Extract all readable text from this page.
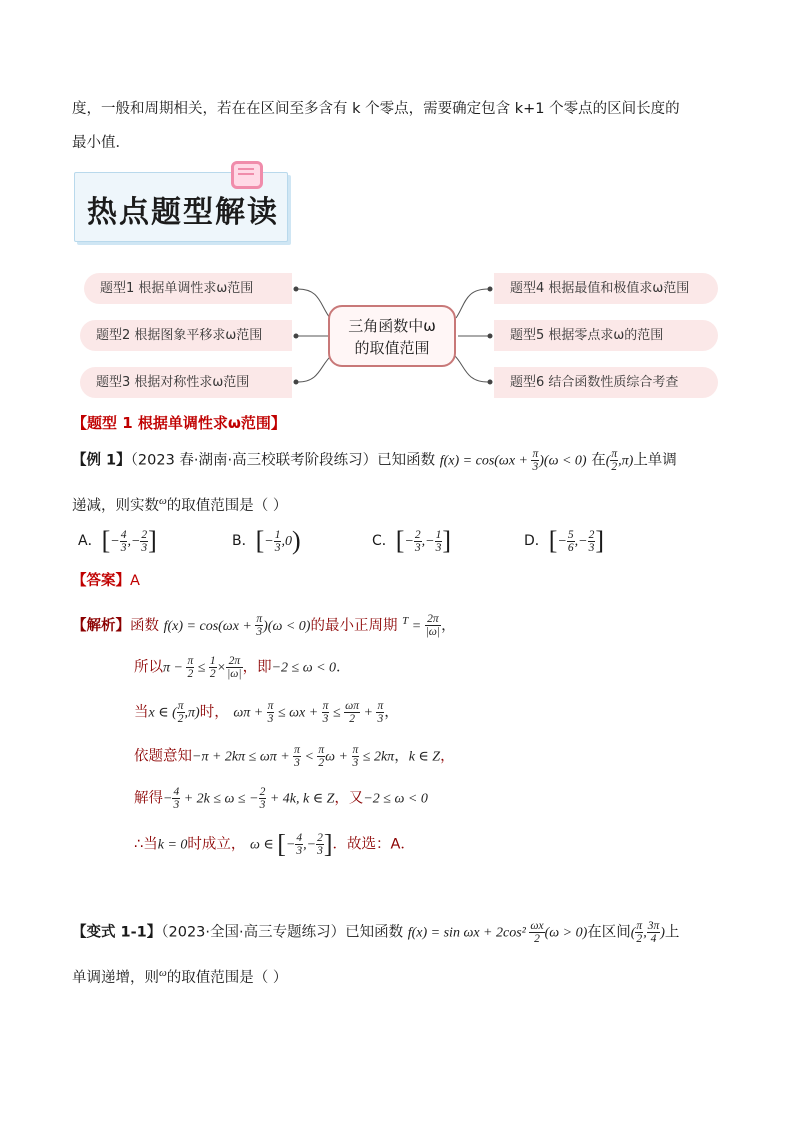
度，一般和周期相关，若在在区间至多含有 k 个零点，需要确定包含 k+1 个零点的区间长度的
最小值．
热点题型解读
题型1 根据单调性求ω范围
题型2 根据图象平移求ω范围
题型3 根据对称性求ω范围
题型4 根据最值和极值求ω范围
题型5 根据零点求ω的范围
题型6 结合函数性质综合考查
三角函数中ω
的取值范围
【题型 1 根据单调性求ω范围】
【例 1】（2023 春·湖南·高三校联考阶段练习）已知函数 $f(x) = \cos(\omega x + \frac{\pi}{3} )(\omega < 0)$ 在( $\frac{\pi}{2} ,\pi$)上单调
递减，则实数$^\omega$的取值范围是（ ）
A．[− $\frac{4}{3}$ ,− $\frac{2}{3}$ ]	B．[− $\frac{1}{3} ,0$)	C．[− $\frac{2}{3}$ ,− $\frac{1}{3}$ ]	D．[− $\frac{5}{6}$ ,− $\frac{2}{3}$ ]
【答案】A
【解析】函数 $f(x) = \cos(\omega x + \frac{\pi}{3} )(\omega < 0)$的最小正周期 $^T = \frac{2\pi}{|\omega|}$ ，
所以$\pi - \frac{\pi}{2} \le \frac{1}{2} \times \frac{2\pi}{|\omega|}$ ，即−2 ≤ ω < 0．
当x ∈ ( $\frac{\pi}{2} ,\pi$)时， $\omega\pi + \frac{\pi}{3} \le \omega x + \frac{\pi}{3} \le \frac{\omega\pi}{2} + \frac{\pi}{3}$ ，
依题意知$-\pi + 2k\pi \le \omega\pi + \frac{\pi}{3} < \frac{\pi}{2}$ $\omega + \frac{\pi}{3} \le 2k\pi$，k ∈ Z，
解得− $\frac{4}{3} + 2k \le \omega$ ≤ − $\frac{2}{3} + 4k$, k ∈ Z，又−2 ≤ ω < 0
∴当k = 0时成立， ω ∈ [− $\frac{4}{3}$ ,− $\frac{2}{3}$ ]．故选：A．
【变式 1-1】（2023·全国·高三专题练习）已知函数 $f(x) = \sin \omega x + 2\cos^2 \frac{\omega x}{2} (\omega > 0)$在区间( $\frac{\pi}{2}$ , $\frac{3\pi}{4}$ )上
单调递增，则$^\omega$的取值范围是（ ）
